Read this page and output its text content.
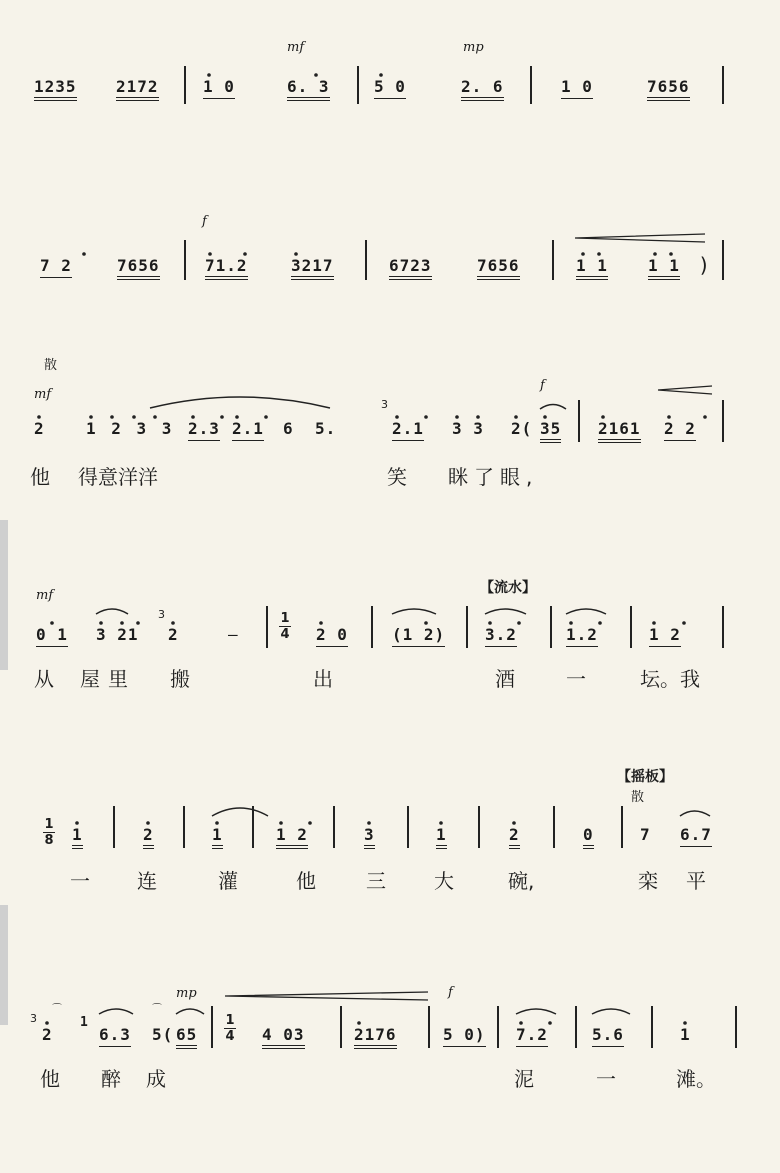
mf	mp
1235 2172	1 0	6. 3	5 0	2. 6	1 0	7656
f
7 2	7656	71.2	3217	6723	7656	1 1	1 1 )
散
mf
f
2	1 2 3 3 2.3 2.1 6 5.
3
2.1 3 3 2( 35 2161 2 2
他 得意洋洋	笑 眯了眼,
【流水】
mf
0 1 3 21
3
2	—
1
4 2 0	(1 2) 3.2	1.2	1 2
从 屋里 搬	出	酒	一	坛。我
【摇板】
散
1
8 1	2	1	1 2	3	1	2	0	7 6.7
一 连	灌	他	三 大	碗,	栾 平
mp	f
3
2
1
6.3 5( 65
1
4 4 03	2176	5 0) 7.2	5.6	1
他 醉 成	泥	一	滩。
⌒	⌒
